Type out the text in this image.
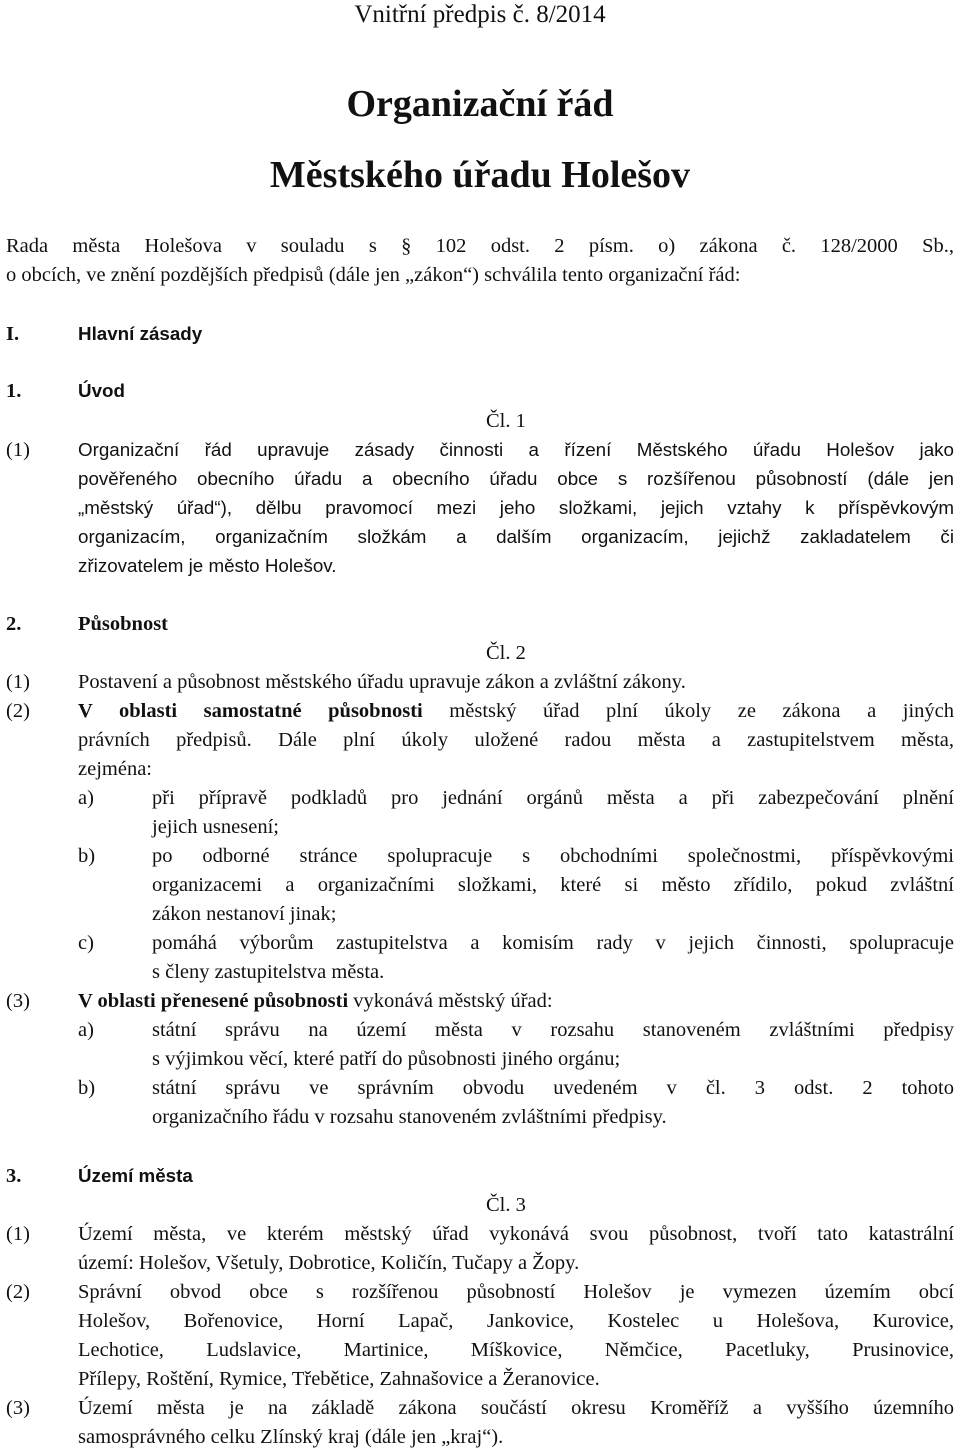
Vnitřní předpis č. 8/2014
Organizační řád
Městského úřadu Holešov
Rada města Holešova v souladu s § 102 odst. 2 písm. o) zákona č. 128/2000 Sb.,
o obcích, ve znění pozdějších předpisů (dále jen „zákon“) schválila tento organizační řád:
I.	Hlavní zásady
1.	Úvod
Čl. 1
(1)	Organizační řád upravuje zásady činnosti a řízení Městského úřadu Holešov jako
pověřeného obecního úřadu a obecního úřadu obce s rozšířenou působností (dále jen
„městský úřad“), dělbu pravomocí mezi jeho složkami, jejich vztahy k příspěvkovým
organizacím, organizačním složkám a dalším organizacím, jejichž zakladatelem či
zřizovatelem je město Holešov.
2.	Působnost
Čl. 2
(1) Postavení a působnost městského úřadu upravuje zákon a zvláštní zákony.
(2) V oblasti samostatné působnosti městský úřad plní úkoly ze zákona a jiných
právních předpisů. Dále plní úkoly uložené radou města a zastupitelstvem města,
zejména:
a)	při přípravě podkladů pro jednání orgánů města a při zabezpečování plnění
jejich usnesení;
b)	po odborné stránce spolupracuje s obchodními společnostmi, příspěvkovými
organizacemi a organizačními složkami, které si město zřídilo, pokud zvláštní
zákon nestanoví jinak;
c)	pomáhá výborům zastupitelstva a komisím rady v jejich činnosti, spolupracuje
s členy zastupitelstva města.
(3) V oblasti přenesené působnosti vykonává městský úřad:
a)	státní správu na území města v rozsahu stanoveném zvláštními předpisy
s výjimkou věcí, které patří do působnosti jiného orgánu;
b)	státní správu ve správním obvodu uvedeném v čl. 3 odst. 2 tohoto
organizačního řádu v rozsahu stanoveném zvláštními předpisy.
3.	Území města
Čl. 3
(1) Území města, ve kterém městský úřad vykonává svou působnost, tvoří tato katastrální
území: Holešov, Všetuly, Dobrotice, Količín, Tučapy a Žopy.
(2) Správní obvod obce s rozšířenou působností Holešov je vymezen územím obcí
Holešov, Bořenovice, Horní Lapač, Jankovice, Kostelec u Holešova, Kurovice,
Lechotice, Ludslavice, Martinice, Míškovice, Němčice, Pacetluky, Prusinovice,
Přílepy, Roštění, Rymice, Třebětice, Zahnašovice a Žeranovice.
(3) Území města je na základě zákona součástí okresu Kroměříž a vyššího územního
samosprávného celku Zlínský kraj (dále jen „kraj“).
